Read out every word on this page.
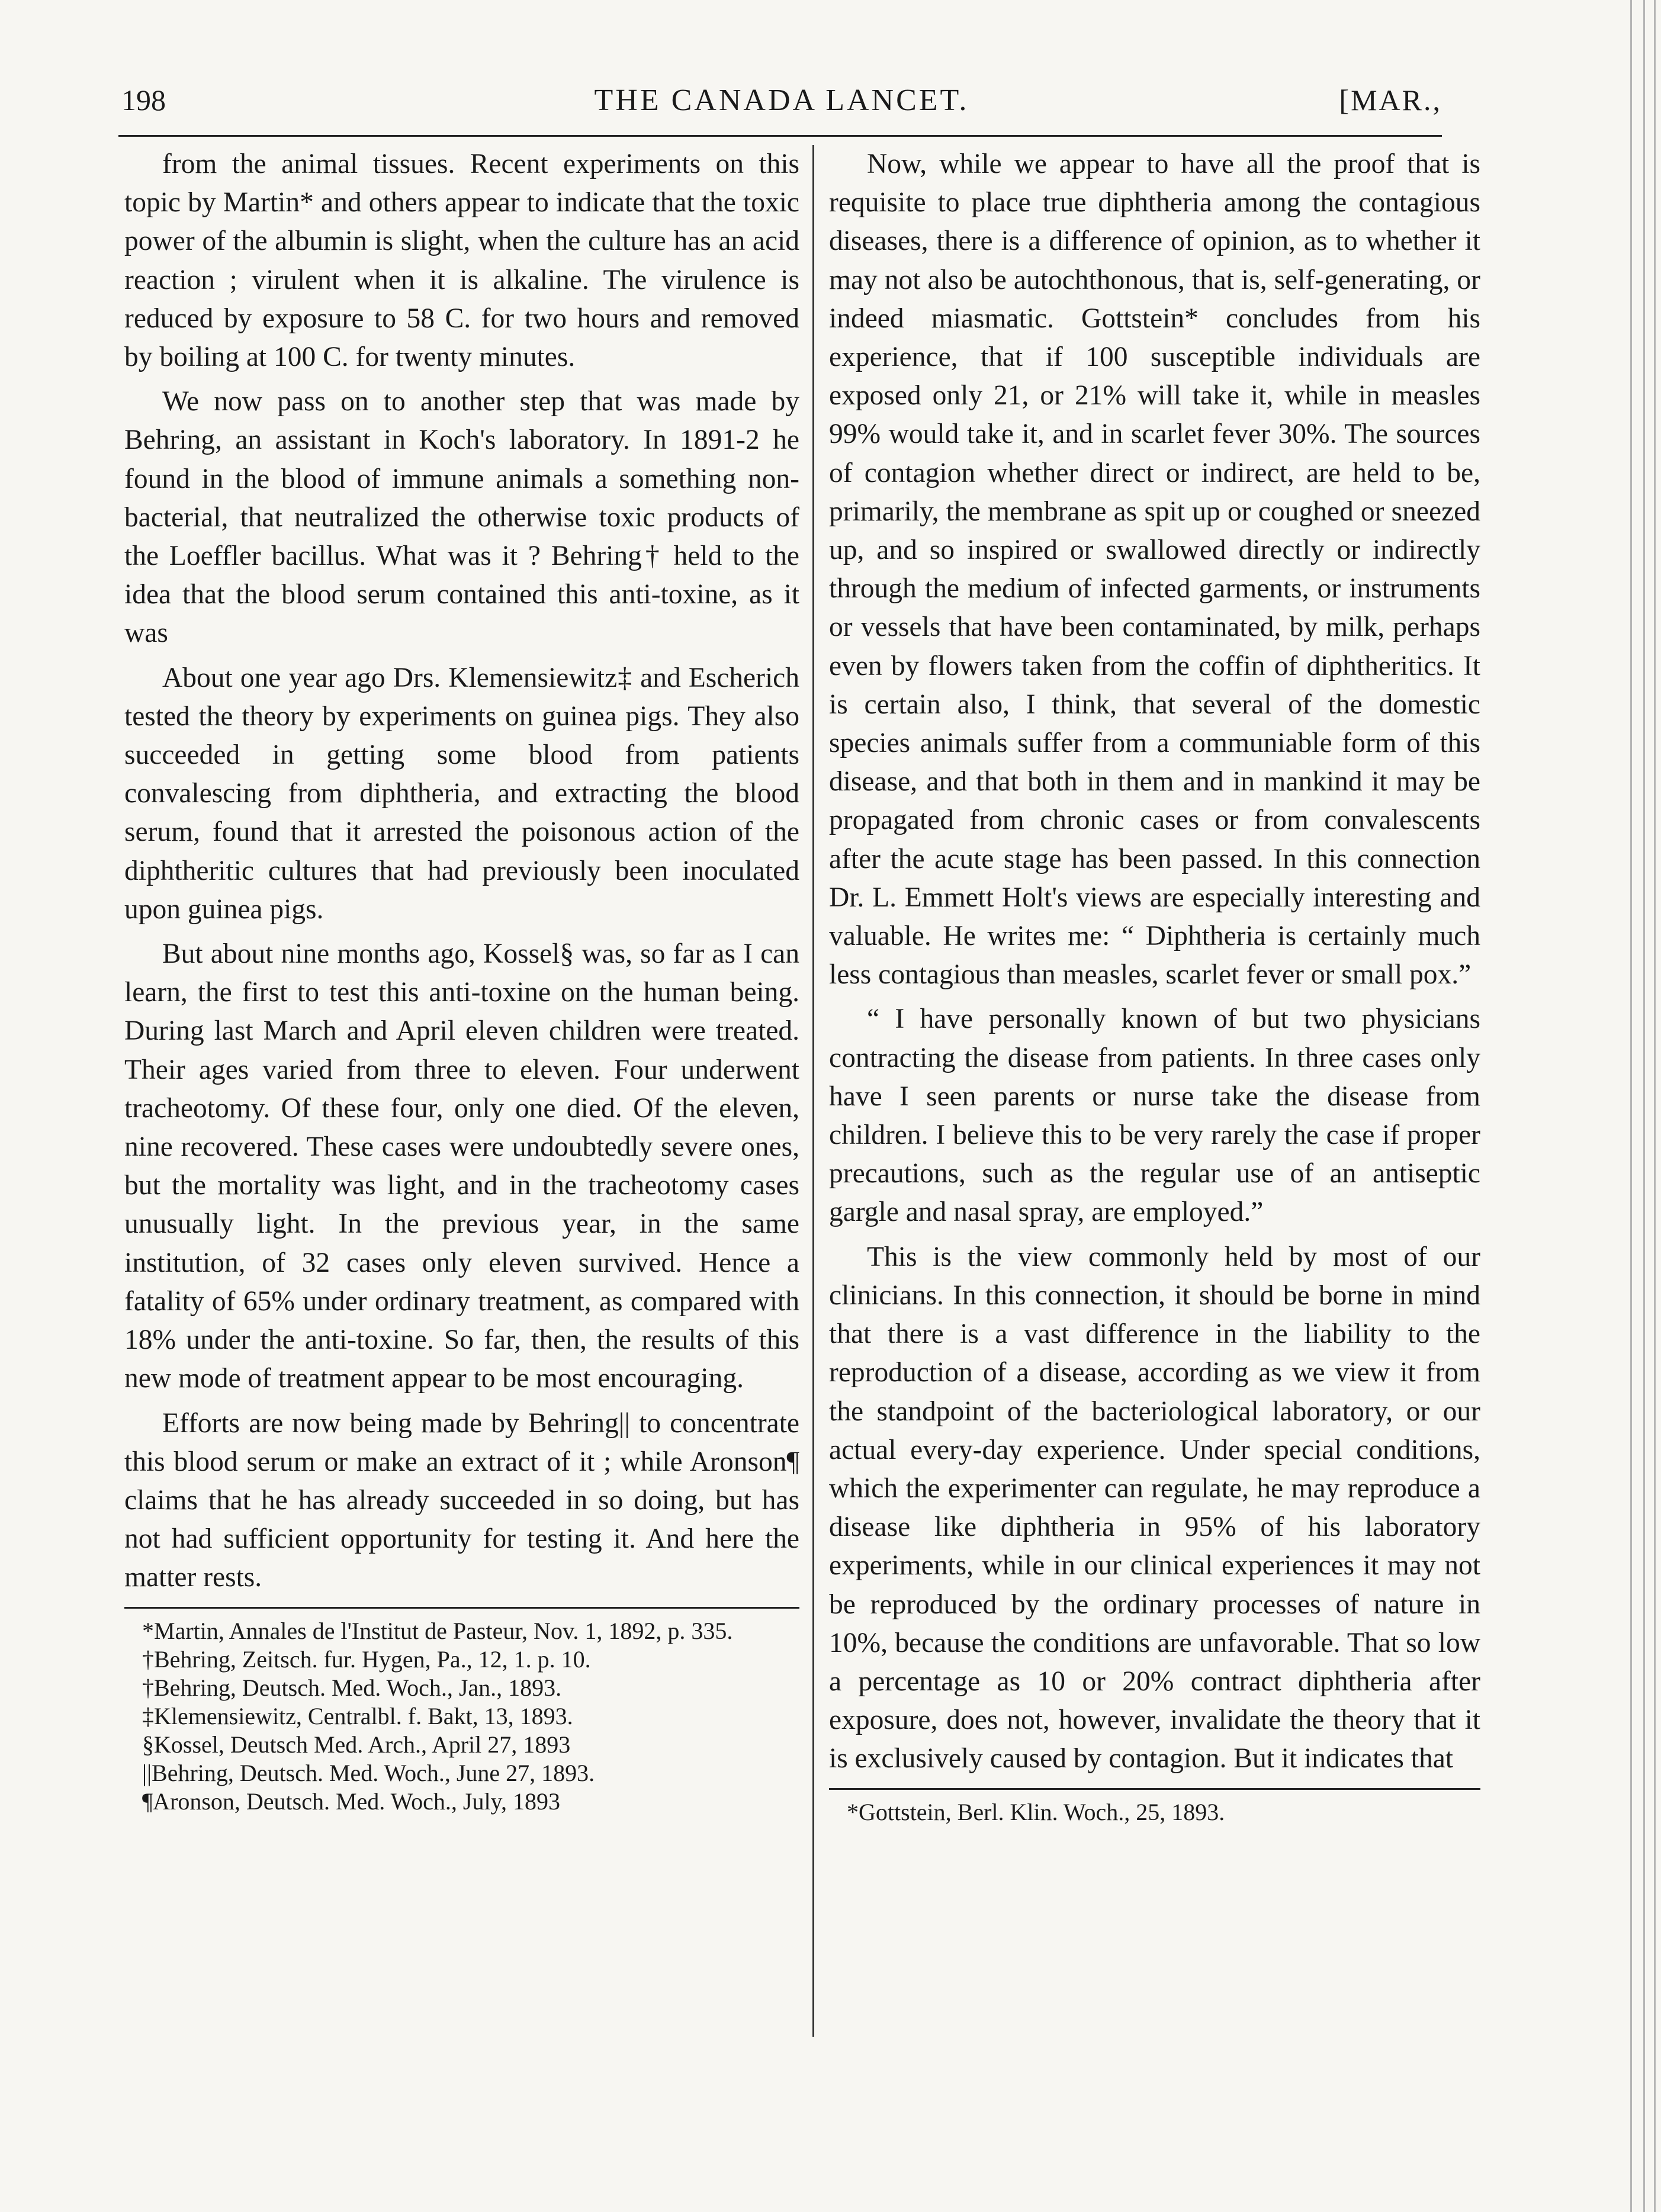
198	THE CANADA LANCET.	[MAR.,

from the animal tissues. Recent experiments on this topic by Martin* and others appear to indicate that the toxic power of the albumin is slight, when the culture has an acid reaction ; virulent when it is alkaline. The virulence is reduced by exposure to 58 C. for two hours and removed by boiling at 100 C. for twenty minutes.

We now pass on to another step that was made by Behring, an assistant in Koch's laboratory. In 1891-2 he found in the blood of immune animals a something non-bacterial, that neutralized the otherwise toxic products of the Loeffler bacillus. What was it ? Behring† held to the idea that the blood serum contained this anti-toxine, as it was

About one year ago Drs. Klemensiewitz‡ and Escherich tested the theory by experiments on guinea pigs. They also succeeded in getting some blood from patients convalescing from diphtheria, and extracting the blood serum, found that it arrested the poisonous action of the diphtheritic cultures that had previously been inoculated upon guinea pigs.

But about nine months ago, Kossel§ was, so far as I can learn, the first to test this anti-toxine on the human being. During last March and April eleven children were treated. Their ages varied from three to eleven. Four underwent tracheotomy. Of these four, only one died. Of the eleven, nine recovered. These cases were undoubtedly severe ones, but the mortality was light, and in the tracheotomy cases unusually light. In the previous year, in the same institution, of 32 cases only eleven survived. Hence a fatality of 65% under ordinary treatment, as compared with 18% under the anti-toxine. So far, then, the results of this new mode of treatment appear to be most encouraging.

Efforts are now being made by Behring|| to concentrate this blood serum or make an extract of it ; while Aronson¶ claims that he has already succeeded in so doing, but has not had sufficient opportunity for testing it. And here the matter rests.

*Martin, Annales de l'Institut de Pasteur, Nov. 1, 1892, p. 335.
†Behring, Zeitsch. fur. Hygen, Pa., 12, 1. p. 10.
†Behring, Deutsch. Med. Woch., Jan., 1893.
‡Klemensiewitz, Centralbl. f. Bakt, 13, 1893.
§Kossel, Deutsch Med. Arch., April 27, 1893
||Behring, Deutsch. Med. Woch., June 27, 1893.
¶Aronson, Deutsch. Med. Woch., July, 1893

Now, while we appear to have all the proof that is requisite to place true diphtheria among the contagious diseases, there is a difference of opinion, as to whether it may not also be autochthonous, that is, self-generating, or indeed miasmatic. Gottstein* concludes from his experience, that if 100 susceptible individuals are exposed only 21, or 21% will take it, while in measles 99% would take it, and in scarlet fever 30%. The sources of contagion whether direct or indirect, are held to be, primarily, the membrane as spit up or coughed or sneezed up, and so inspired or swallowed directly or indirectly through the medium of infected garments, or instruments or vessels that have been contaminated, by milk, perhaps even by flowers taken from the coffin of diphtheritics. It is certain also, I think, that several of the domestic species animals suffer from a communiable form of this disease, and that both in them and in mankind it may be propagated from chronic cases or from convalescents after the acute stage has been passed. In this connection Dr. L. Emmett Holt's views are especially interesting and valuable. He writes me: “ Diphtheria is certainly much less contagious than measles, scarlet fever or small pox.”

“ I have personally known of but two physicians contracting the disease from patients. In three cases only have I seen parents or nurse take the disease from children. I believe this to be very rarely the case if proper precautions, such as the regular use of an antiseptic gargle and nasal spray, are employed.”

This is the view commonly held by most of our clinicians. In this connection, it should be borne in mind that there is a vast difference in the liability to the reproduction of a disease, according as we view it from the standpoint of the bacteriological laboratory, or our actual every-day experience. Under special conditions, which the experimenter can regulate, he may reproduce a disease like diphtheria in 95% of his laboratory experiments, while in our clinical experiences it may not be reproduced by the ordinary processes of nature in 10%, because the conditions are unfavorable. That so low a percentage as 10 or 20% contract diphtheria after exposure, does not, however, invalidate the theory that it is exclusively caused by contagion. But it indicates that

*Gottstein, Berl. Klin. Woch., 25, 1893.
